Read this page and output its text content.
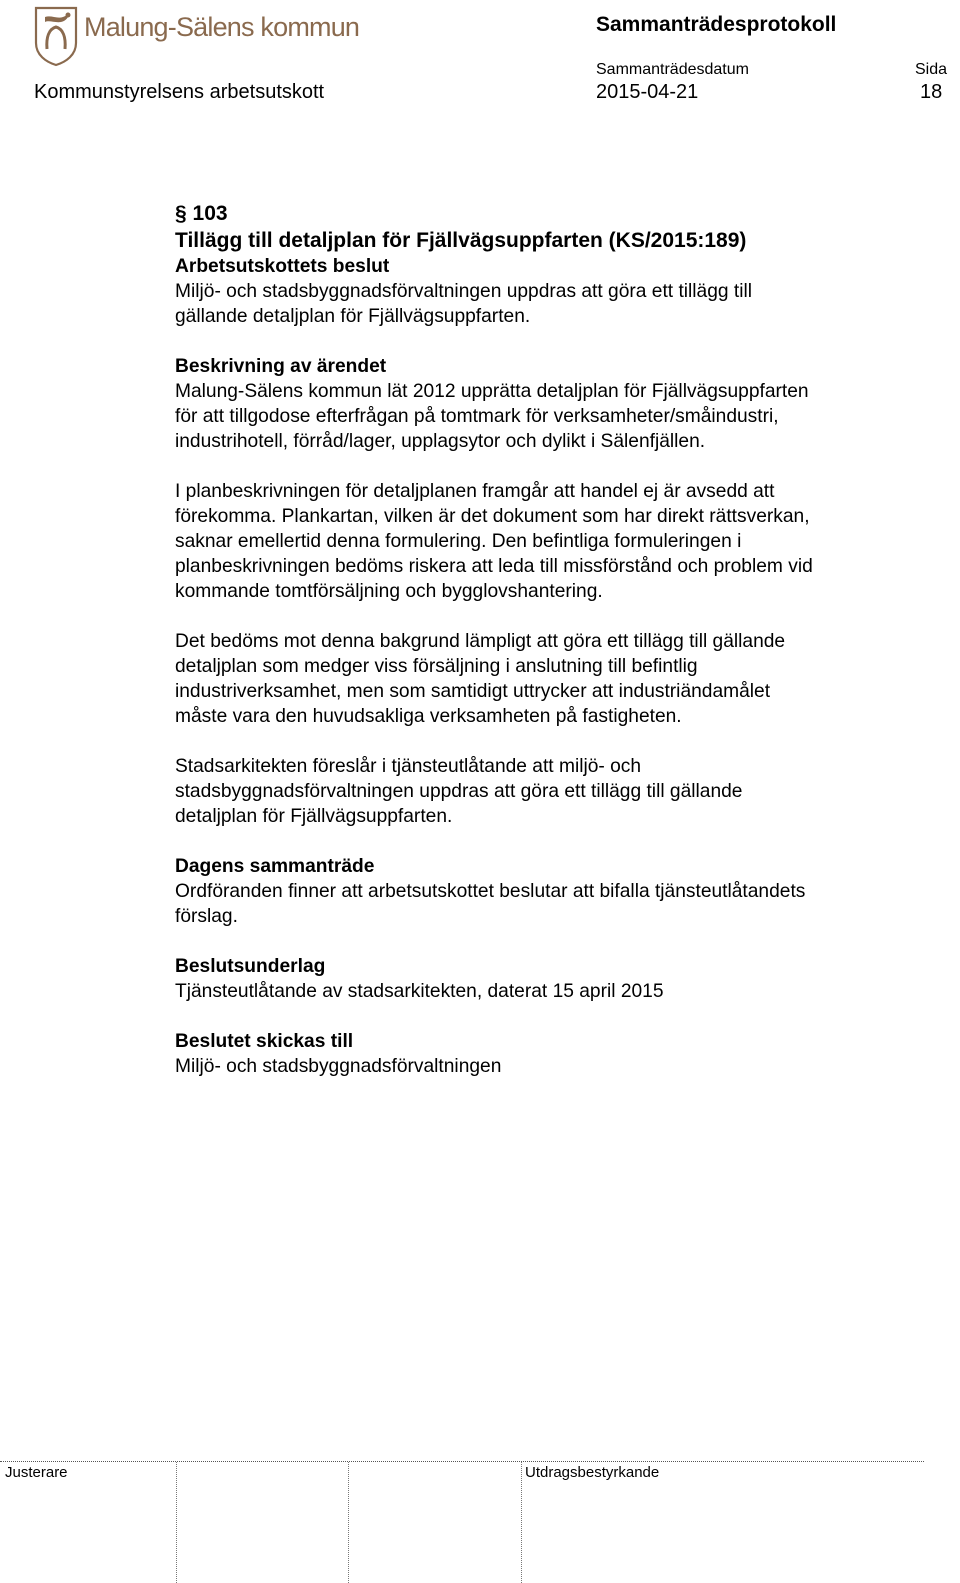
Malung-Sälens kommun	Sammanträdesprotokoll
Sammanträdesdatum	Sida
Kommunstyrelsens arbetsutskott	2015-04-21	18

§ 103

Tillägg till detaljplan för Fjällvägsuppfarten (KS/2015:189)

Arbetsutskottets beslut

Miljö- och stadsbyggnadsförvaltningen uppdras att göra ett tillägg till

gällande detaljplan för Fjällvägsuppfarten.

Beskrivning av ärendet

Malung-Sälens kommun lät 2012 upprätta detaljplan för Fjällvägsuppfarten

för att tillgodose efterfrågan på tomtmark för verksamheter/småindustri,

industrihotell, förråd/lager, upplagsytor och dylikt i Sälenfjällen.

I planbeskrivningen för detaljplanen framgår att handel ej är avsedd att

förekomma. Plankartan, vilken är det dokument som har direkt rättsverkan,

saknar emellertid denna formulering. Den befintliga formuleringen i

planbeskrivningen bedöms riskera att leda till missförstånd och problem vid

kommande tomtförsäljning och bygglovshantering.

Det bedöms mot denna bakgrund lämpligt att göra ett tillägg till gällande

detaljplan som medger viss försäljning i anslutning till befintlig

industriverksamhet, men som samtidigt uttrycker att industriändamålet

måste vara den huvudsakliga verksamheten på fastigheten.

Stadsarkitekten föreslår i tjänsteutlåtande att miljö- och

stadsbyggnadsförvaltningen uppdras att göra ett tillägg till gällande

detaljplan för Fjällvägsuppfarten.

Dagens sammanträde

Ordföranden finner att arbetsutskottet beslutar att bifalla tjänsteutlåtandets

förslag.

Beslutsunderlag

Tjänsteutlåtande av stadsarkitekten, daterat 15 april 2015

Beslutet skickas till

Miljö- och stadsbyggnadsförvaltningen

Justerare	Utdragsbestyrkande
